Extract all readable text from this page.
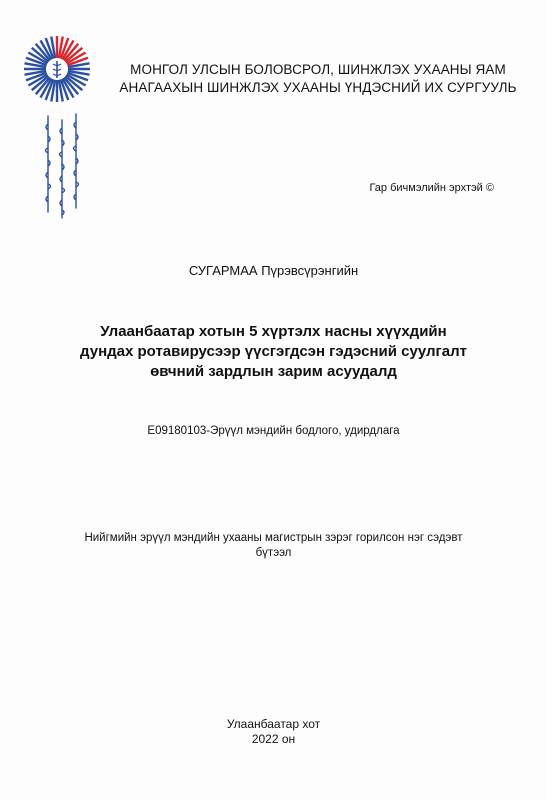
МОНГОЛ УЛСЫН БОЛОВСРОЛ, ШИНЖЛЭХ УХААНЫ ЯАМ
АНАГААХЫН ШИНЖЛЭХ УХААНЫ ҮНДЭСНИЙ ИХ СУРГУУЛЬ
Гар бичмэлийн эрхтэй ©
СУГАРМАА Пүрэвсүрэнгийн
Улаанбаатар хотын 5 хүртэлх насны хүүхдийн
дундах ротавирусээр үүсгэгдсэн гэдэсний суулгалт
өвчний зардлын зарим асуудалд
E09180103-Эрүүл мэндийн бодлого, удирдлага
Нийгмийн эрүүл мэндийн ухааны магистрын зэрэг горилсон нэг сэдэвт
бүтээл
Улаанбаатар хот
2022 он
